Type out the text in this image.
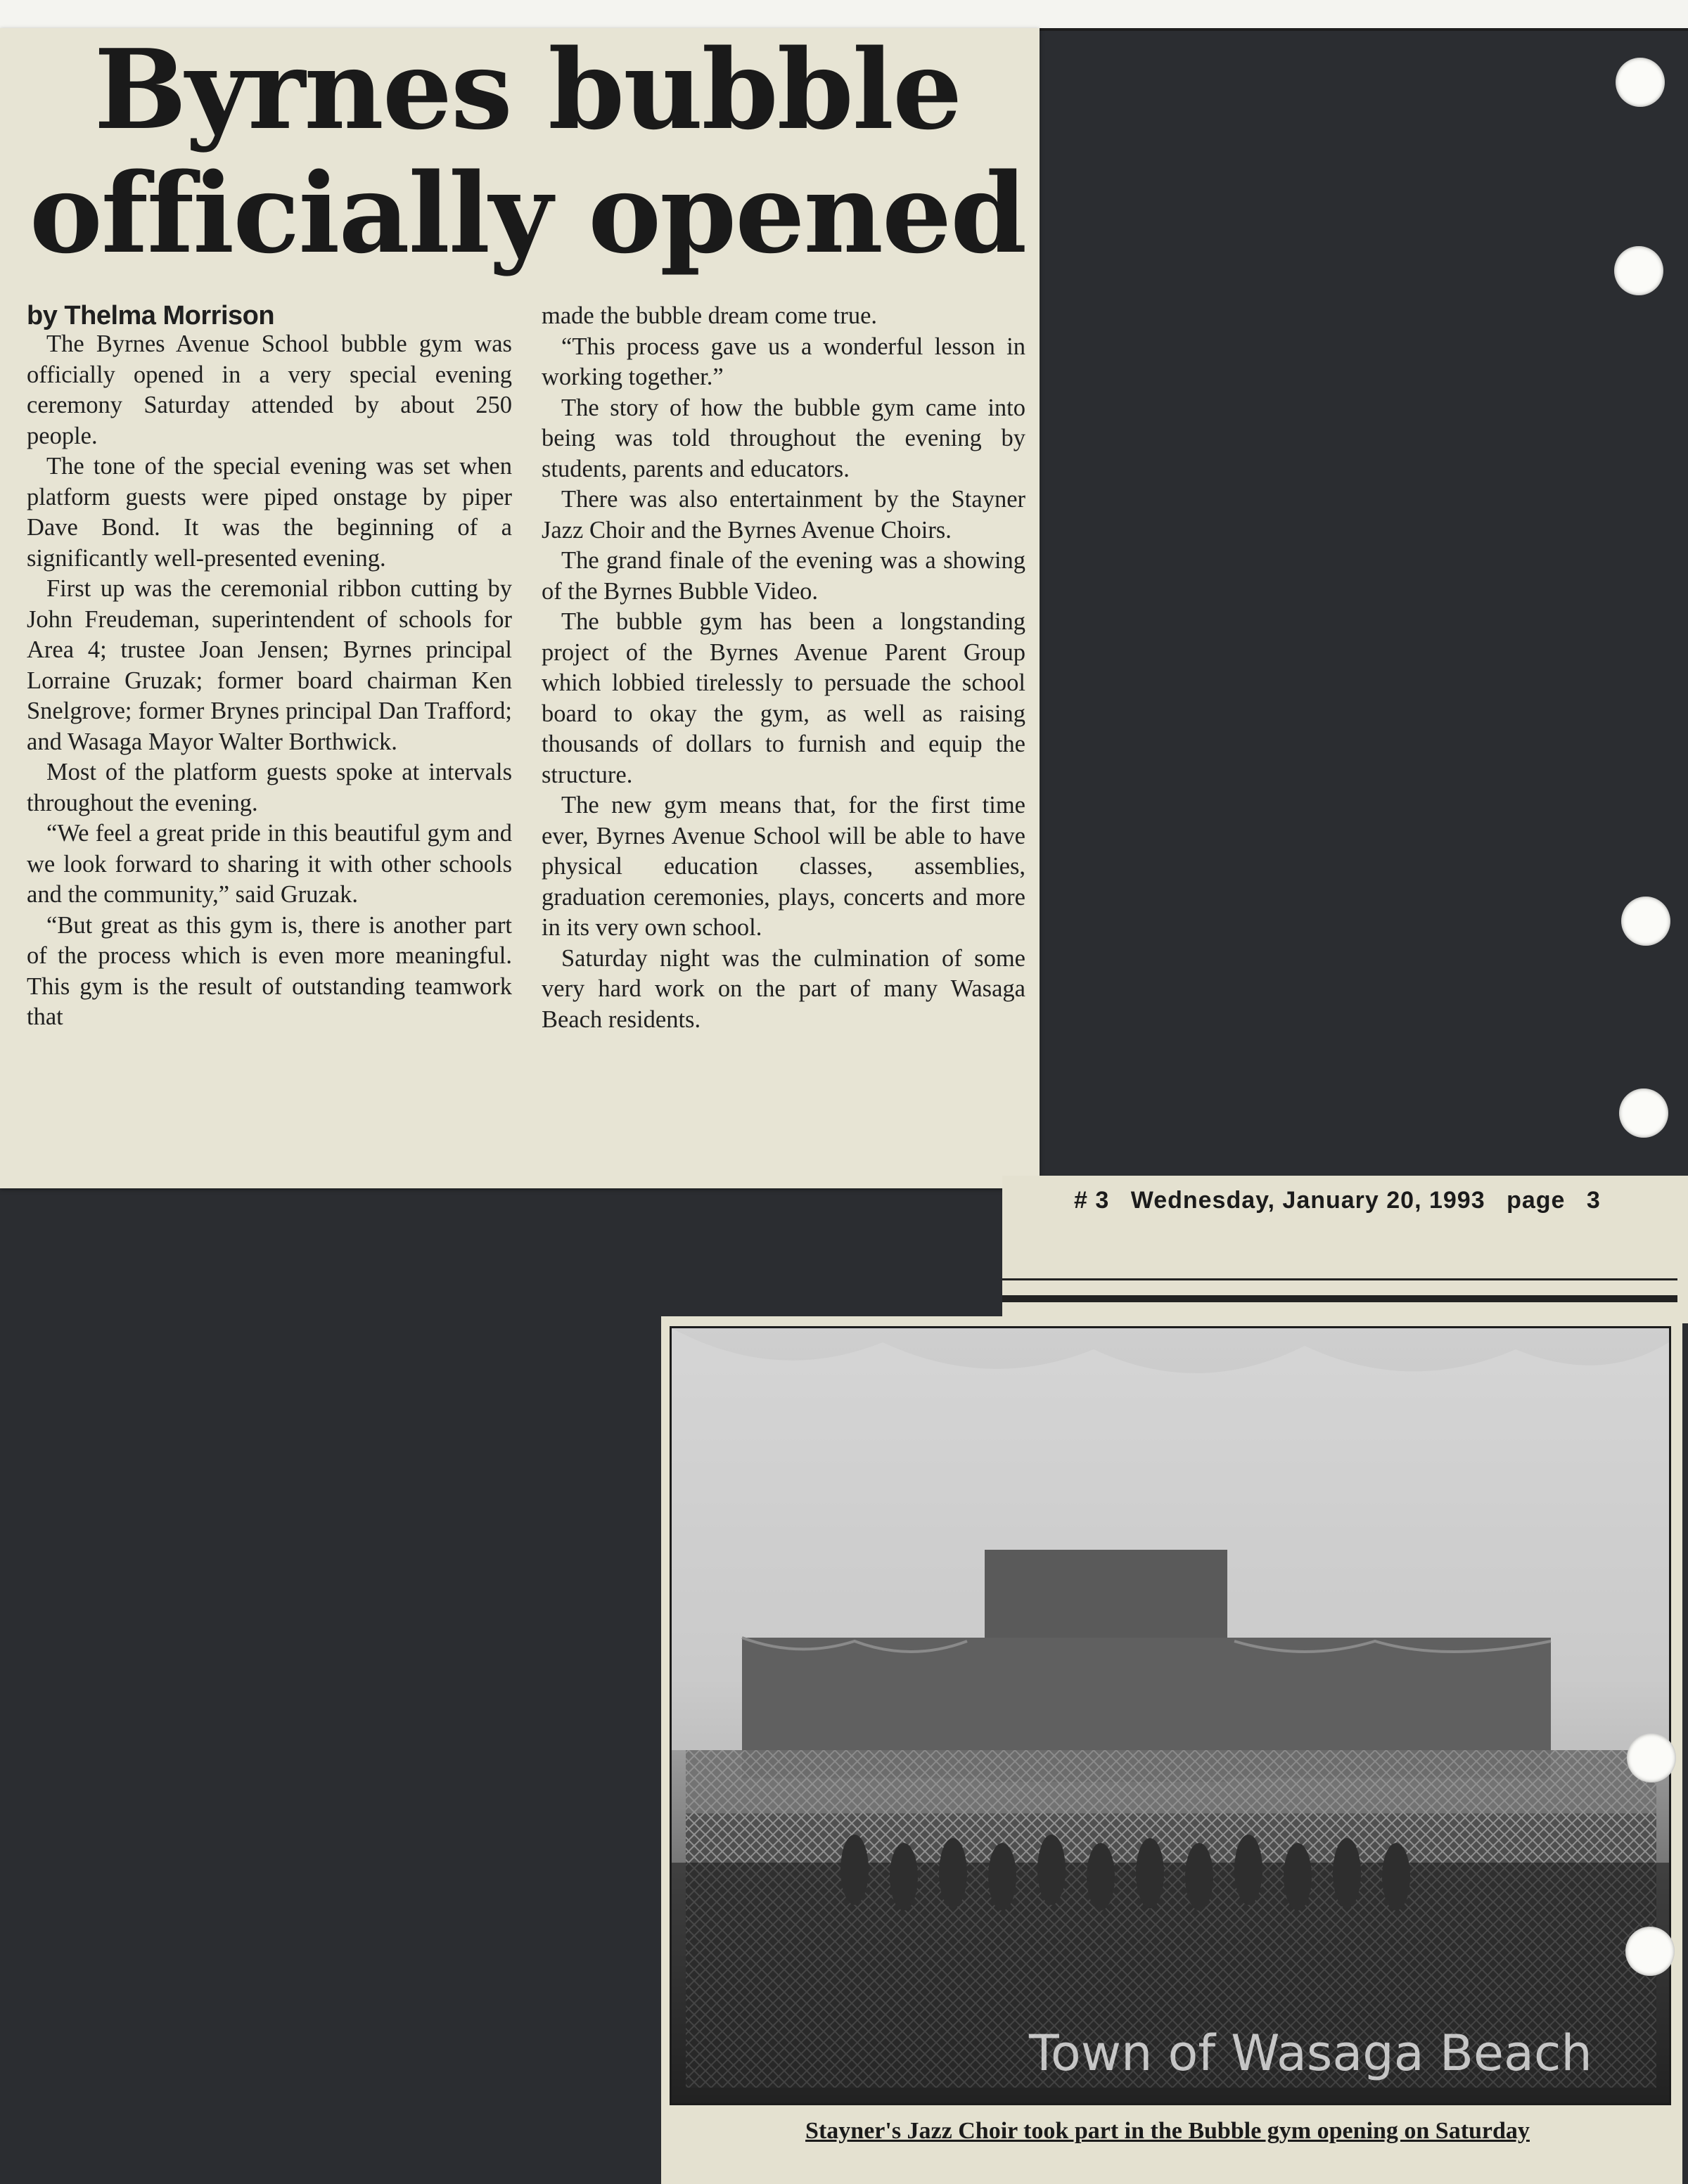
Byrnes bubble
officially opened
by Thelma Morrison

The Byrnes Avenue School bubble gym was officially opened in a very special evening ceremony Saturday attended by about 250 people.

The tone of the special evening was set when platform guests were piped onstage by piper Dave Bond. It was the beginning of a significantly well-presented evening.

First up was the ceremonial ribbon cutting by John Freudeman, superintendent of schools for Area 4; trustee Joan Jensen; Byrnes principal Lorraine Gruzak; former board chairman Ken Snelgrove; former Brynes principal Dan Trafford; and Wasaga Mayor Walter Borthwick.

Most of the platform guests spoke at intervals throughout the evening.

“We feel a great pride in this beautiful gym and we look forward to sharing it with other schools and the community,” said Gruzak.

“But great as this gym is, there is another part of the process which is even more meaningful. This gym is the result of outstanding teamwork that

made the bubble dream come true.

“This process gave us a wonderful lesson in working together.”

The story of how the bubble gym came into being was told throughout the evening by students, parents and educators.

There was also entertainment by the Stayner Jazz Choir and the Byrnes Avenue Choirs.

The grand finale of the evening was a showing of the Byrnes Bubble Video.

The bubble gym has been a longstanding project of the Byrnes Avenue Parent Group which lobbied tirelessly to persuade the school board to okay the gym, as well as raising thousands of dollars to furnish and equip the structure.

The new gym means that, for the first time ever, Byrnes Avenue School will be able to have physical education classes, assemblies, graduation ceremonies, plays, concerts and more in its very own school.

Saturday night was the culmination of some very hard work on the part of many Wasaga Beach residents.

# 3 Wednesday, January 20, 1993 page 3
Town of Wasaga Beach
Stayner's Jazz Choir took part in the Bubble gym opening on Saturday
